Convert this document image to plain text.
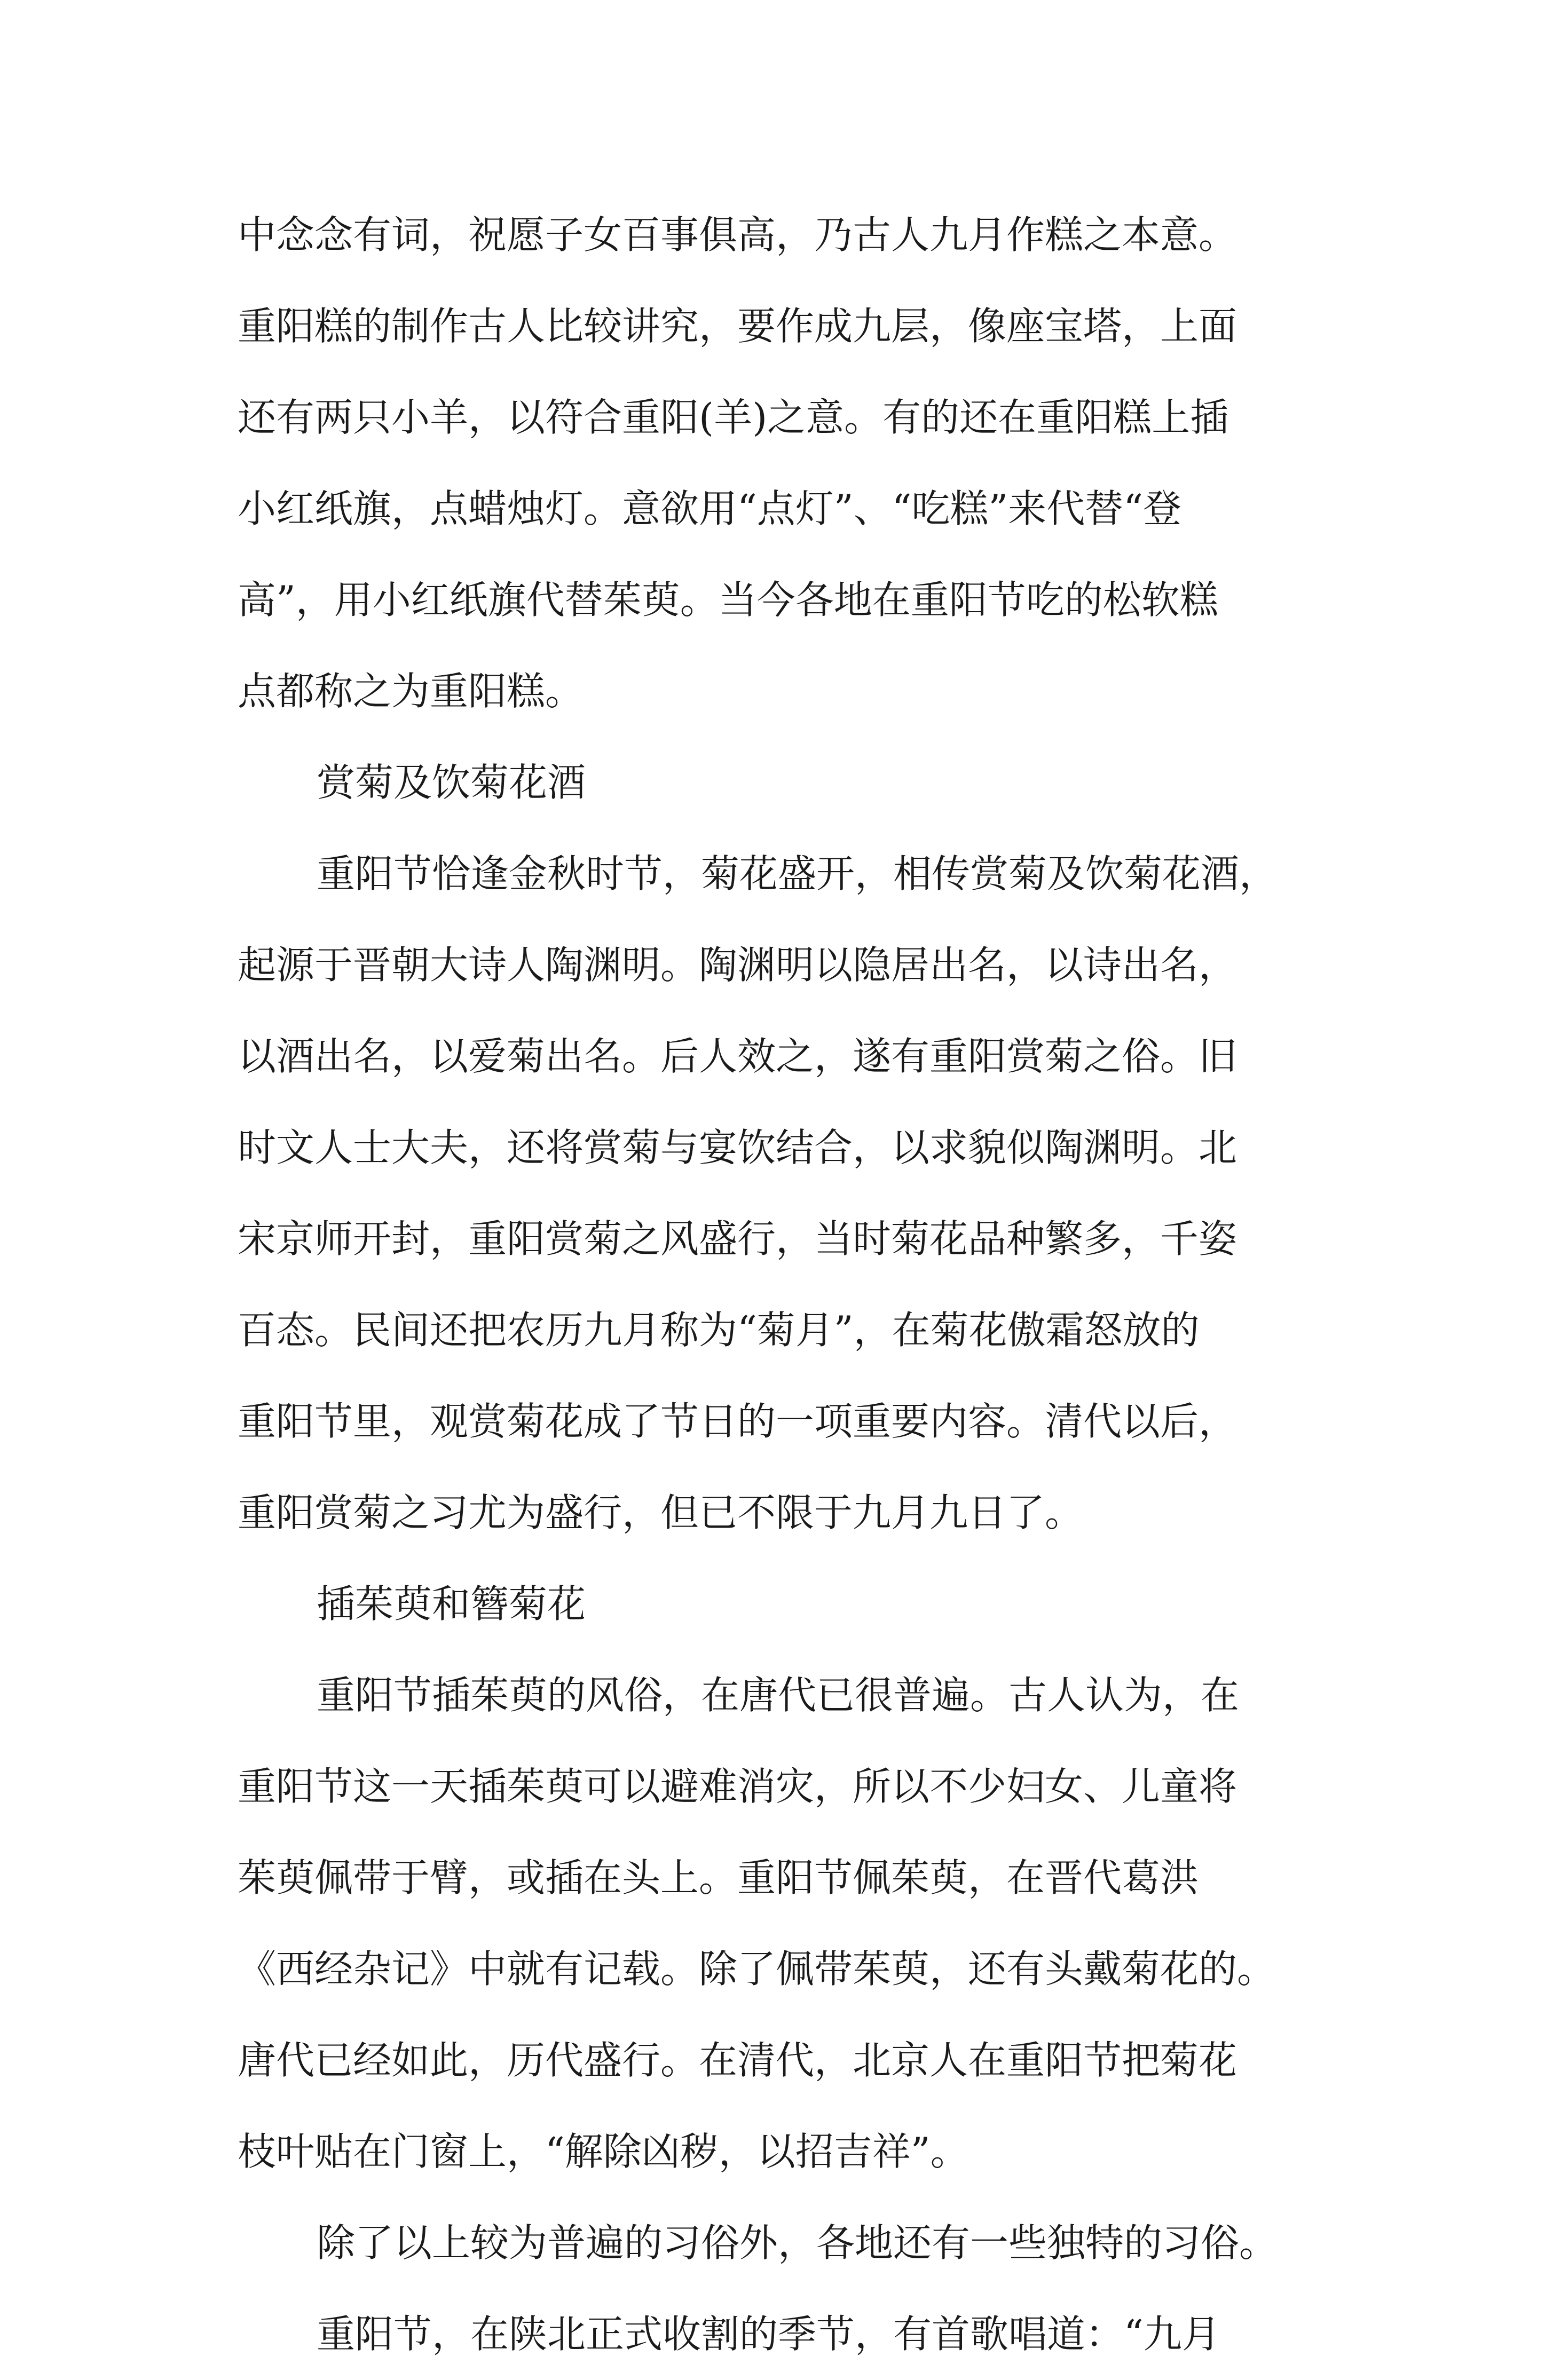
中念念有词，祝愿子女百事俱高，乃古人九月作糕之本意。
重阳糕的制作古人比较讲究，要作成九层，像座宝塔，上面
还有两只小羊，以符合重阳(羊)之意。有的还在重阳糕上插
小红纸旗，点蜡烛灯。意欲用“点灯”、“吃糕”来代替“登
高”，用小红纸旗代替茱萸。当今各地在重阳节吃的松软糕
点都称之为重阳糕。
赏菊及饮菊花酒
重阳节恰逢金秋时节，菊花盛开，相传赏菊及饮菊花酒，
起源于晋朝大诗人陶渊明。陶渊明以隐居出名，以诗出名，
以酒出名，以爱菊出名。后人效之，遂有重阳赏菊之俗。旧
时文人士大夫，还将赏菊与宴饮结合，以求貌似陶渊明。北
宋京师开封，重阳赏菊之风盛行，当时菊花品种繁多，千姿
百态。民间还把农历九月称为“菊月”，在菊花傲霜怒放的
重阳节里，观赏菊花成了节日的一项重要内容。清代以后，
重阳赏菊之习尤为盛行，但已不限于九月九日了。
插茱萸和簪菊花
重阳节插茱萸的风俗，在唐代已很普遍。古人认为，在
重阳节这一天插茱萸可以避难消灾，所以不少妇女、儿童将
茱萸佩带于臂，或插在头上。重阳节佩茱萸，在晋代葛洪
《西经杂记》中就有记载。除了佩带茱萸，还有头戴菊花的。
唐代已经如此，历代盛行。在清代，北京人在重阳节把菊花
枝叶贴在门窗上，“解除凶秽，以招吉祥”。
除了以上较为普遍的习俗外，各地还有一些独特的习俗。
重阳节，在陕北正式收割的季节，有首歌唱道：“九月
